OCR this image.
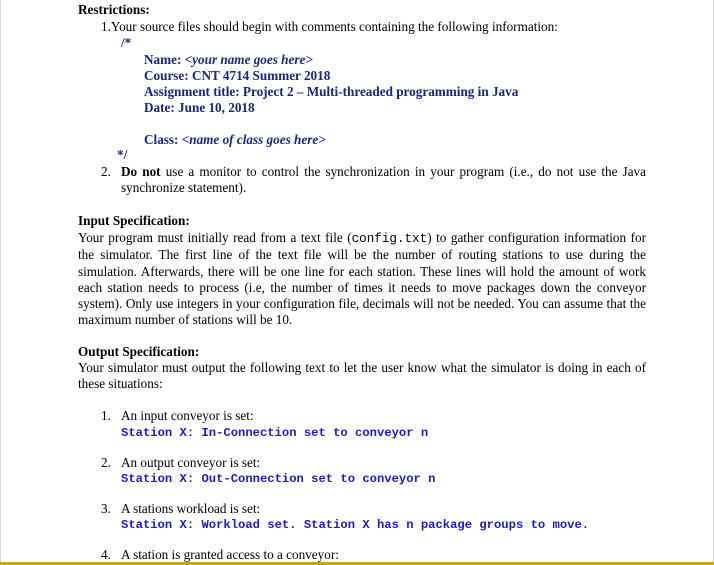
Restrictions:
1.Your source files should begin with comments containing the following information:
/*
Name: <your name goes here>
Course: CNT 4714 Summer 2018
Assignment title: Project 2 – Multi-threaded programming in Java
Date: June 10, 2018
Class: <name of class goes here>
*/
2. Do not use a monitor to control the synchronization in your program (i.e., do not use the Java synchronize statement).
Input Specification:
Your program must initially read from a text file (config.txt) to gather configuration information for the simulator. The first line of the text file will be the number of routing stations to use during the simulation. Afterwards, there will be one line for each station. These lines will hold the amount of work each station needs to process (i.e, the number of times it needs to move packages down the conveyor system). Only use integers in your configuration file, decimals will not be needed. You can assume that the maximum number of stations will be 10.
Output Specification:
Your simulator must output the following text to let the user know what the simulator is doing in each of these situations:
1. An input conveyor is set:
Station X: In-Connection set to conveyor n
2. An output conveyor is set:
Station X: Out-Connection set to conveyor n
3. A stations workload is set:
Station X: Workload set. Station X has n package groups to move.
4. A station is granted access to a conveyor:
